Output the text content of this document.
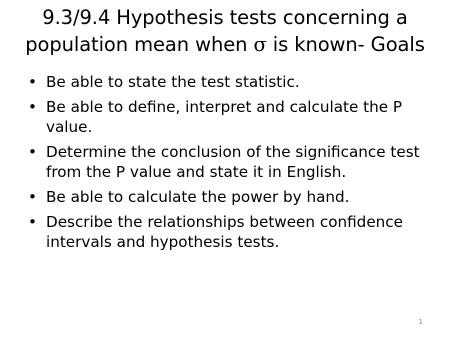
9.3/9.4 Hypothesis tests concerning a
population mean when σ is known- Goals
• Be able to state the test statistic.
• Be able to define, interpret and calculate the P value.
• Determine the conclusion of the significance test from the P value and state it in English.
• Be able to calculate the power by hand.
• Describe the relationships between confidence intervals and hypothesis tests.
1
